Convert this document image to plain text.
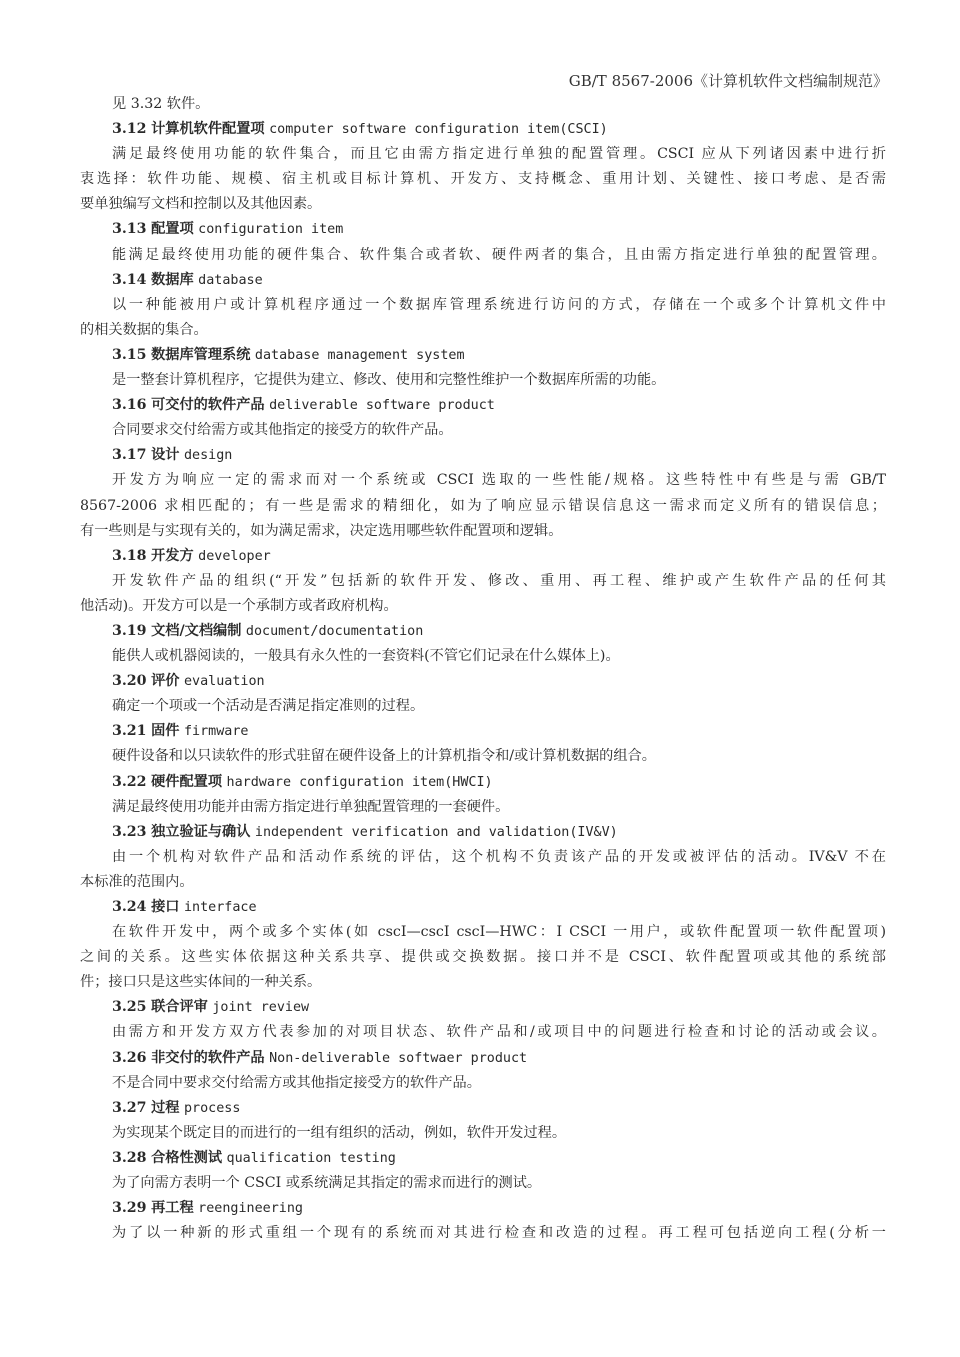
GB/T 8567-2006《计算机软件文档编制规范》
见 3.32 软件。
3.12 计算机软件配置项 computer software configuration item(CSCI)
满足最终使用功能的软件集合，而且它由需方指定进行单独的配置管理。CSCI 应从下列诸因素中进行折
衷选择：软件功能、规模、宿主机或目标计算机、开发方、支持概念、重用计划、关键性、接口考虑、是否需
要单独编写文档和控制以及其他因素。
3.13 配置项 configuration item
能满足最终使用功能的硬件集合、软件集合或者软、硬件两者的集合，且由需方指定进行单独的配置管理。
3.14 数据库 database
以一种能被用户或计算机程序通过一个数据库管理系统进行访问的方式，存储在一个或多个计算机文件中
的相关数据的集合。
3.15 数据库管理系统 database management system
是一整套计算机程序，它提供为建立、修改、使用和完整性维护一个数据库所需的功能。
3.16 可交付的软件产品 deliverable software product
合同要求交付给需方或其他指定的接受方的软件产品。
3.17 设计 design
开发方为响应一定的需求而对一个系统或 CSCI 选取的一些性能/规格。这些特性中有些是与需 GB/T
8567-2006 求相匹配的；有一些是需求的精细化，如为了响应显示错误信息这一需求而定义所有的错误信息；
有一些则是与实现有关的，如为满足需求，决定选用哪些软件配置项和逻辑。
3.18 开发方 developer
开发软件产品的组织(“开发”包括新的软件开发、修改、重用、再工程、维护或产生软件产品的任何其
他活动)。开发方可以是一个承制方或者政府机构。
3.19 文档/文档编制 document/documentation
能供人或机器阅读的，一般具有永久性的一套资料(不管它们记录在什么媒体上)。
3.20 评价 evaluation
确定一个项或一个活动是否满足指定准则的过程。
3.21 固件 firmware
硬件设备和以只读软件的形式驻留在硬件设备上的计算机指令和/或计算机数据的组合。
3.22 硬件配置项 hardware configuration item(HWCI)
满足最终使用功能并由需方指定进行单独配置管理的一套硬件。
3.23 独立验证与确认 independent verification and validation(IV&V)
由一个机构对软件产品和活动作系统的评估，这个机构不负责该产品的开发或被评估的活动。IV&V 不在
本标准的范围内。
3.24 接口 interface
在软件开发中，两个或多个实体(如 cscI—cscI cscI—HWC：I CSCI 一用户，或软件配置项一软件配置项)
之间的关系。这些实体依据这种关系共享、提供或交换数据。接口并不是 CSCI、软件配置项或其他的系统部
件；接口只是这些实体间的一种关系。
3.25 联合评审 joint review
由需方和开发方双方代表参加的对项目状态、软件产品和/或项目中的问题进行检查和讨论的活动或会议。
3.26 非交付的软件产品 Non-deliverable softwaer product
不是合同中要求交付给需方或其他指定接受方的软件产品。
3.27 过程 process
为实现某个既定目的而进行的一组有组织的活动，例如，软件开发过程。
3.28 合格性测试 qualification testing
为了向需方表明一个 CSCI 或系统满足其指定的需求而进行的测试。
3.29 再工程 reengineering
为了以一种新的形式重组一个现有的系统而对其进行检查和改造的过程。再工程可包括逆向工程(分析一
